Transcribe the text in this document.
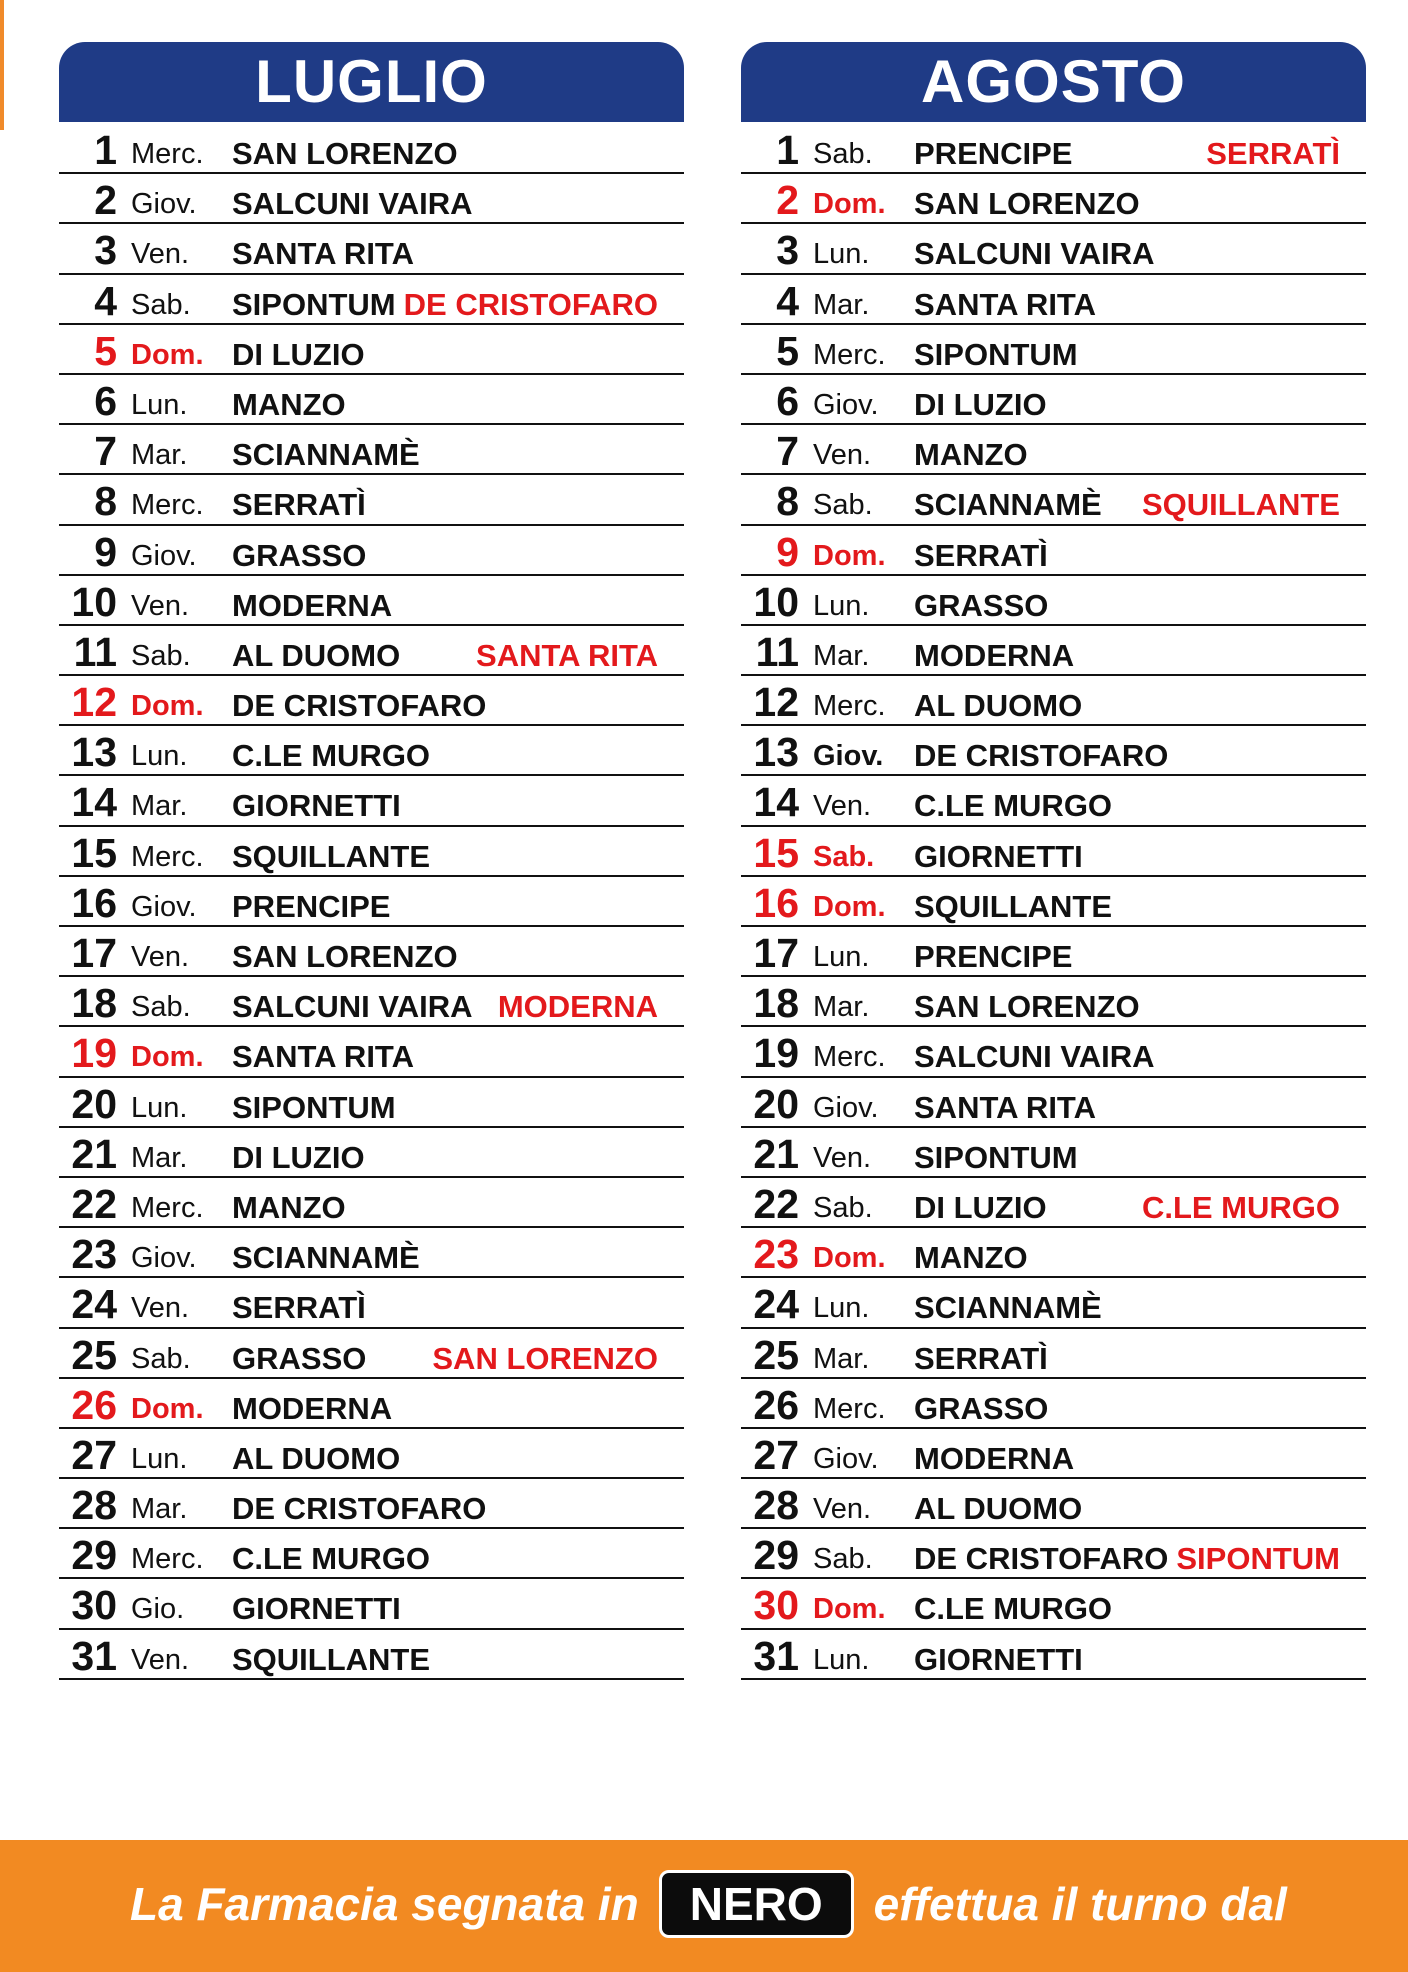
LUGLIO
1 Merc. SAN LORENZO
2 Giov. SALCUNI VAIRA
3 Ven. SANTA RITA
4 Sab. SIPONTUM DE CRISTOFARO
5 Dom. DI LUZIO
6 Lun. MANZO
7 Mar. SCIANNAMÈ
8 Merc. SERRATÌ
9 Giov. GRASSO
10 Ven. MODERNA
11 Sab. AL DUOMO SANTA RITA
12 Dom. DE CRISTOFARO
13 Lun. C.LE MURGO
14 Mar. GIORNETTI
15 Merc. SQUILLANTE
16 Giov. PRENCIPE
17 Ven. SAN LORENZO
18 Sab. SALCUNI VAIRA MODERNA
19 Dom. SANTA RITA
20 Lun. SIPONTUM
21 Mar. DI LUZIO
22 Merc. MANZO
23 Giov. SCIANNAMÈ
24 Ven. SERRATÌ
25 Sab. GRASSO SAN LORENZO
26 Dom. MODERNA
27 Lun. AL DUOMO
28 Mar. DE CRISTOFARO
29 Merc. C.LE MURGO
30 Gio. GIORNETTI
31 Ven. SQUILLANTE
AGOSTO
1 Sab. PRENCIPE	SERRATÌ
2 Dom. SAN LORENZO
3 Lun. SALCUNI VAIRA
4 Mar. SANTA RITA
5 Merc. SIPONTUM
6 Giov. DI LUZIO
7 Ven. MANZO
8 Sab. SCIANNAMÈ SQUILLANTE
9 Dom. SERRATÌ
10 Lun. GRASSO
11 Mar. MODERNA
12 Merc. AL DUOMO
13 Giov. DE CRISTOFARO
14 Ven. C.LE MURGO
15 Sab. GIORNETTI
16 Dom. SQUILLANTE
17 Lun. PRENCIPE
18 Mar. SAN LORENZO
19 Merc. SALCUNI VAIRA
20 Giov. SANTA RITA
21 Ven. SIPONTUM
22 Sab. DI LUZIO	C.LE MURGO
23 Dom. MANZO
24 Lun. SCIANNAMÈ
25 Mar. SERRATÌ
26 Merc. GRASSO
27 Giov. MODERNA
28 Ven. AL DUOMO
29 Sab. DE CRISTOFARO SIPONTUM
30 Dom. C.LE MURGO
31 Lun. GIORNETTI
La Farmacia segnata in NERO effettua il turno dal
